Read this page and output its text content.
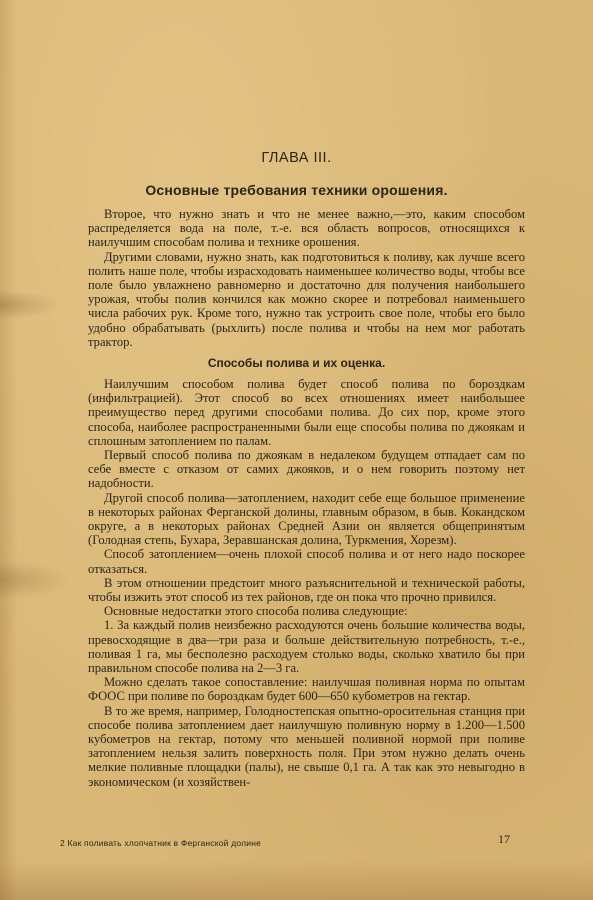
ГЛАВА III.
Основные требования техники орошения.

Второе, что нужно знать и что не менее важно,—это, каким способом распределяется вода на поле, т.-е. вся область вопросов, относящихся к наилучшим способам полива и технике орошения.

Другими словами, нужно знать, как подготовиться к поливу, как лучше всего полить наше поле, чтобы израсходовать наименьшее количество воды, чтобы все поле было увлажнено равномерно и достаточно для получения наибольшего урожая, чтобы полив кончился как можно скорее и потребовал наименьшего числа рабочих рук. Кроме того, нужно так устроить свое поле, чтобы его было удобно обрабатывать (рыхлить) после полива и чтобы на нем мог работать трактор.

Способы полива и их оценка.

Наилучшим способом полива будет способ полива по бороздкам (инфильтрацией). Этот способ во всех отношениях имеет наибольшее преимущество перед другими способами полива. До сих пор, кроме этого способа, наиболее распространенными были еще способы полива по джоякам и сплошным затоплением по палам.

Первый способ полива по джоякам в недалеком будущем отпадает сам по себе вместе с отказом от самих джояков, и о нем говорить поэтому нет надобности.

Другой способ полива—затоплением, находит себе еще большое применение в некоторых районах Ферганской долины, главным образом, в быв. Кокандском округе, а в некоторых районах Средней Азии он является общепринятым (Голодная степь, Бухара, Зеравшанская долина, Туркмения, Хорезм).

Способ затоплением—очень плохой способ полива и от него надо поскорее отказаться.

В этом отношении предстоит много разъяснительной и технической работы, чтобы изжить этот способ из тех районов, где он пока что прочно привился.

Основные недостатки этого способа полива следующие:

1. За каждый полив неизбежно расходуются очень большие количества воды, превосходящие в два—три раза и больше действительную потребность, т.-е., поливая 1 га, мы бесполезно расходуем столько воды, сколько хватило бы при правильном способе полива на 2—3 га.

Можно сделать такое сопоставление: наилучшая поливная норма по опытам ФООС при поливе по бороздкам будет 600—650 кубометров на гектар.

В то же время, например, Голодностепская опытно-оросительная станция при способе полива затоплением дает наилучшую поливную норму в 1.200—1.500 кубометров на гектар, потому что меньшей поливной нормой при поливе затоплением нельзя залить поверхность поля. При этом нужно делать очень мелкие поливные площадки (палы), не свыше 0,1 га. А так как это невыгодно в экономическом (и хозяйствен-

2 Как поливать хлопчатник в Ферганской долине	17
